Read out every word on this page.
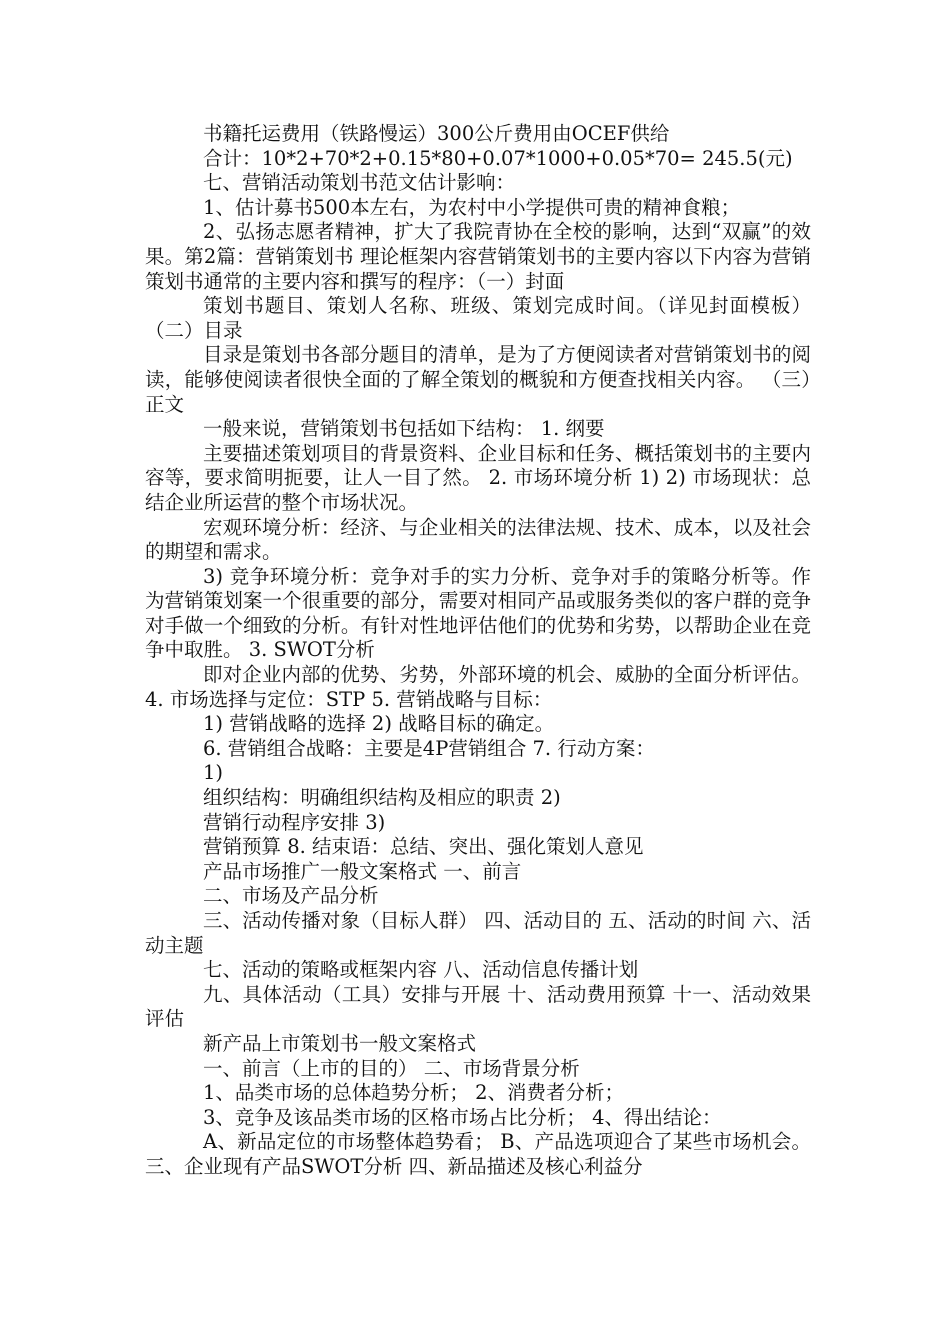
书籍托运费用（铁路慢运）300公斤费用由OCEF供给

合计：10*2+70*2+0.15*80+0.07*1000+0.05*70= 245.5(元)

七、营销活动策划书范文估计影响：

1、估计募书500本左右，为农村中小学提供可贵的精神食粮；

2、弘扬志愿者精神，扩大了我院青协在全校的影响，达到“双赢”的效果。第2篇：营销策划书 理论框架内容营销策划书的主要内容以下内容为营销策划书通常的主要内容和撰写的程序：（一）封面

策划书题目、策划人名称、班级、策划完成时间。（详见封面模板） （二）目录

目录是策划书各部分题目的清单，是为了方便阅读者对营销策划书的阅读，能够使阅读者很快全面的了解全策划的概貌和方便查找相关内容。 （三）正文

一般来说，营销策划书包括如下结构： 1. 纲要

主要描述策划项目的背景资料、企业目标和任务、概括策划书的主要内容等，要求简明扼要，让人一目了然。 2. 市场环境分析 1) 2) 市场现状：总结企业所运营的整个市场状况。

宏观环境分析：经济、与企业相关的法律法规、技术、成本，以及社会的期望和需求。

3) 竞争环境分析：竞争对手的实力分析、竞争对手的策略分析等。作为营销策划案一个很重要的部分，需要对相同产品或服务类似的客户群的竞争对手做一个细致的分析。有针对性地评估他们的优势和劣势，以帮助企业在竞争中取胜。 3. SWOT分析

即对企业内部的优势、劣势，外部环境的机会、威胁的全面分析评估。 4. 市场选择与定位：STP 5. 营销战略与目标：

1) 营销战略的选择 2) 战略目标的确定。

6. 营销组合战略：主要是4P营销组合 7. 行动方案：

1)

组织结构：明确组织结构及相应的职责 2)

营销行动程序安排 3)

营销预算 8. 结束语：总结、突出、强化策划人意见

产品市场推广一般文案格式 一、前言

二、市场及产品分析

三、活动传播对象（目标人群） 四、活动目的 五、活动的时间 六、活动主题

七、活动的策略或框架内容 八、活动信息传播计划

九、具体活动（工具）安排与开展 十、活动费用预算 十一、活动效果评估

新产品上市策划书一般文案格式

一、前言（上市的目的） 二、市场背景分析

1、品类市场的总体趋势分析； 2、消费者分析；

3、竞争及该品类市场的区格市场占比分析； 4、得出结论：

A、新品定位的市场整体趋势看； B、产品选项迎合了某些市场机会。 三、企业现有产品SWOT分析 四、新品描述及核心利益分
